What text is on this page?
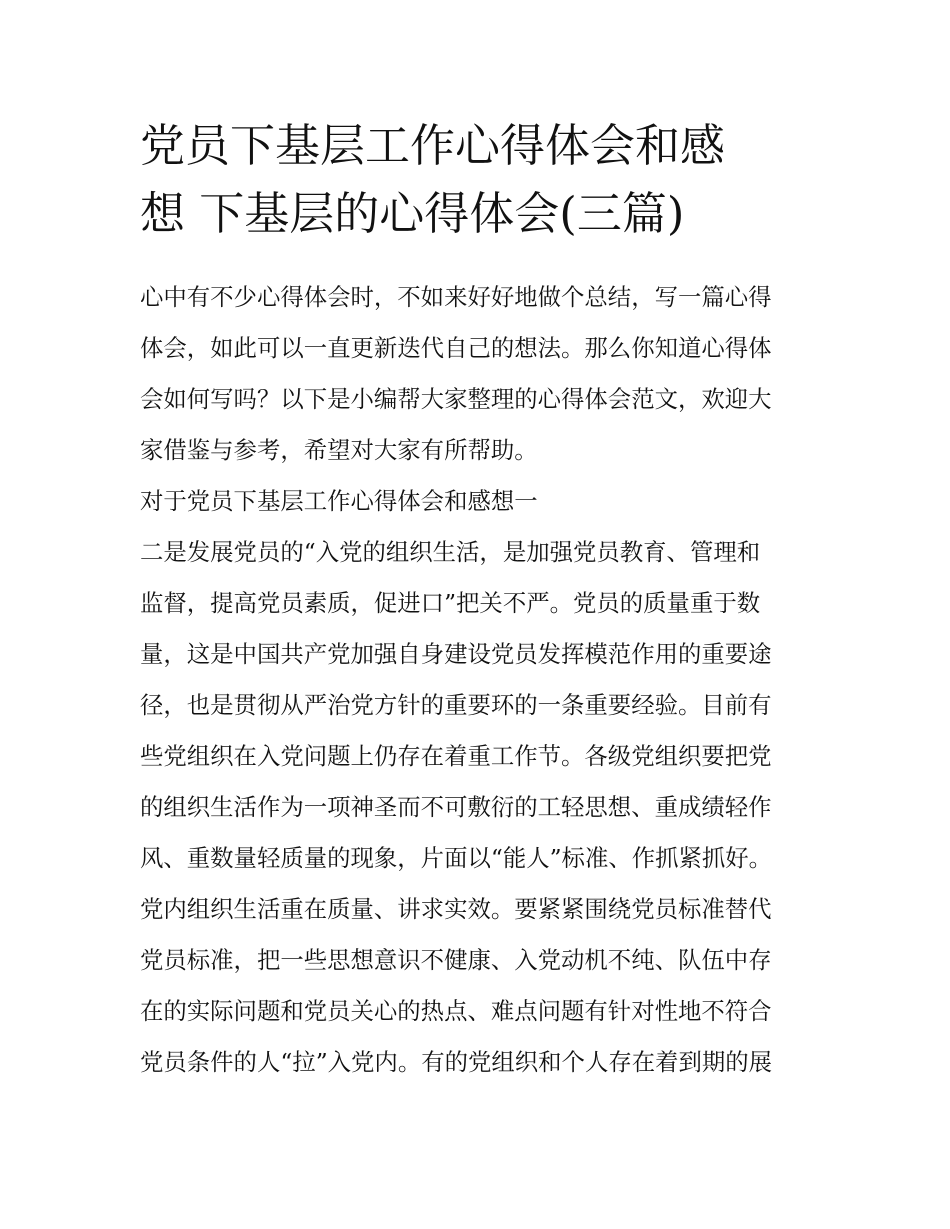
党员下基层工作心得体会和感
想 下基层的心得体会(三篇)
心中有不少心得体会时，不如来好好地做个总结，写一篇心得
体会，如此可以一直更新迭代自己的想法。那么你知道心得体
会如何写吗？以下是小编帮大家整理的心得体会范文，欢迎大
家借鉴与参考，希望对大家有所帮助。
对于党员下基层工作心得体会和感想一
二是发展党员的“入党的组织生活，是加强党员教育、管理和
监督，提高党员素质，促进口”把关不严。党员的质量重于数
量，这是中国共产党加强自身建设党员发挥模范作用的重要途
径，也是贯彻从严治党方针的重要环的一条重要经验。目前有
些党组织在入党问题上仍存在着重工作节。各级党组织要把党
的组织生活作为一项神圣而不可敷衍的工轻思想、重成绩轻作
风、重数量轻质量的现象，片面以“能人”标准、作抓紧抓好。
党内组织生活重在质量、讲求实效。要紧紧围绕党员标准替代
党员标准，把一些思想意识不健康、入党动机不纯、队伍中存
在的实际问题和党员关心的热点、难点问题有针对性地不符合
党员条件的人“拉”入党内。有的党组织和个人存在着到期的展
